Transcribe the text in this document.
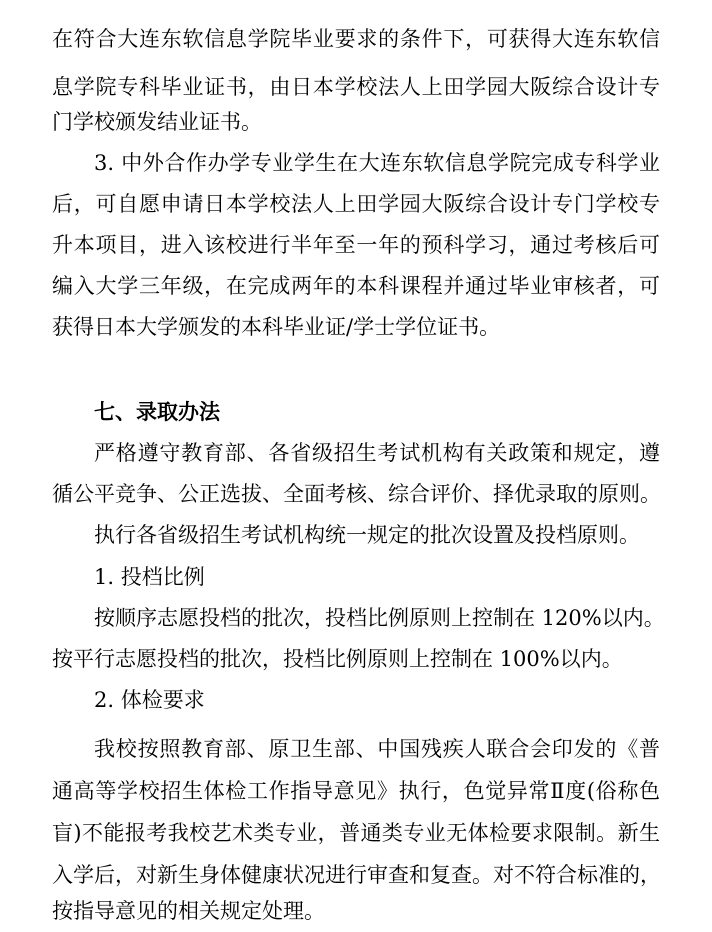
在符合大连东软信息学院毕业要求的条件下，可获得大连东软信
息学院专科毕业证书，由日本学校法人上田学园大阪综合设计专
门学校颁发结业证书。
3. 中外合作办学专业学生在大连东软信息学院完成专科学业
后，可自愿申请日本学校法人上田学园大阪综合设计专门学校专
升本项目，进入该校进行半年至一年的预科学习，通过考核后可
编入大学三年级，在完成两年的本科课程并通过毕业审核者，可
获得日本大学颁发的本科毕业证/学士学位证书。
七、录取办法
严格遵守教育部、各省级招生考试机构有关政策和规定，遵
循公平竞争、公正选拔、全面考核、综合评价、择优录取的原则。
执行各省级招生考试机构统一规定的批次设置及投档原则。
1. 投档比例
按顺序志愿投档的批次，投档比例原则上控制在 120%以内。
按平行志愿投档的批次，投档比例原则上控制在 100%以内。
2. 体检要求
我校按照教育部、原卫生部、中国残疾人联合会印发的《普
通高等学校招生体检工作指导意见》执行，色觉异常Ⅱ度(俗称色
盲)不能报考我校艺术类专业，普通类专业无体检要求限制。新生
入学后，对新生身体健康状况进行审查和复查。对不符合标准的，
按指导意见的相关规定处理。
